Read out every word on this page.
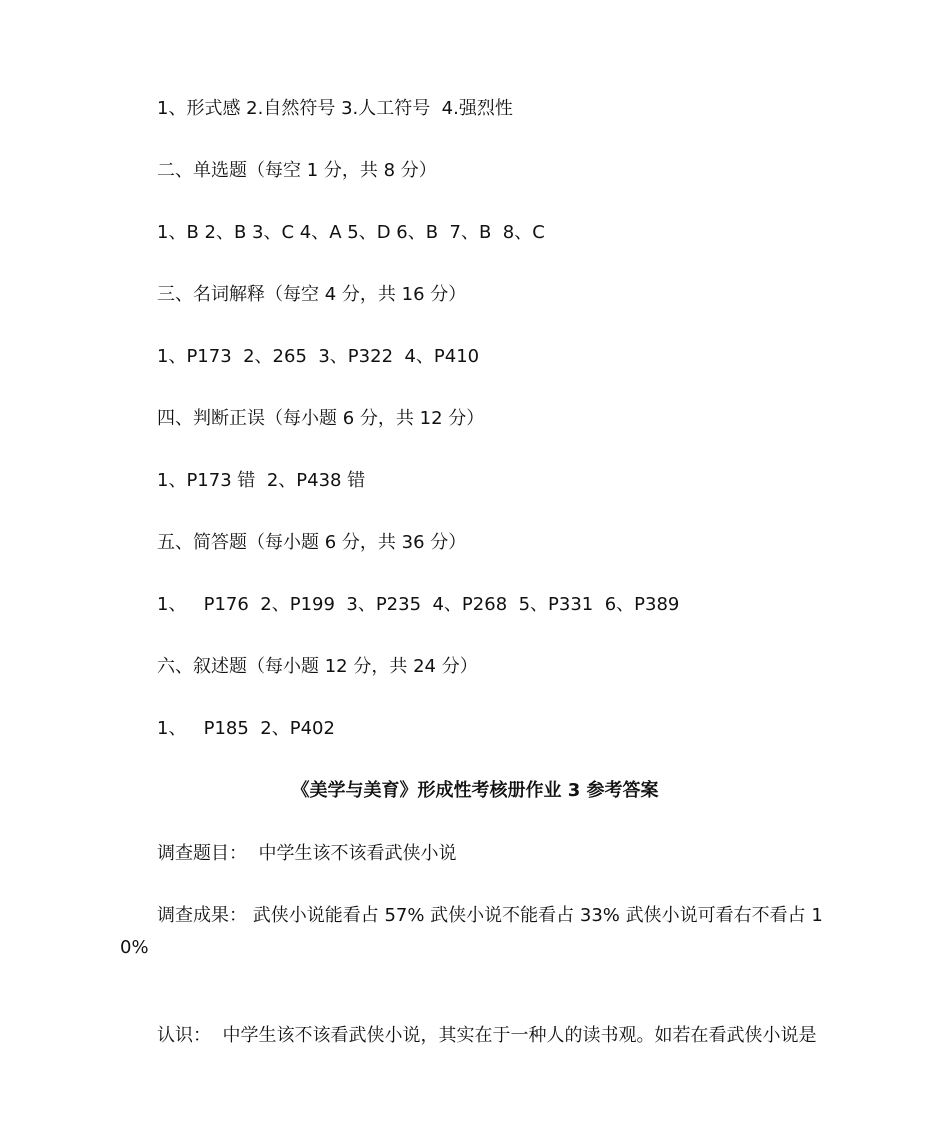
1、形式感 2.自然符号 3.人工符号  4.强烈性
二、单选题（每空 1 分，共 8 分）
1、B 2、B 3、C 4、A 5、D 6、B  7、B  8、C
三、名词解释（每空 4 分，共 16 分）
1、P173  2、265  3、P322  4、P410
四、判断正误（每小题 6 分，共 12 分）
1、P173 错  2、P438 错
五、简答题（每小题 6 分，共 36 分）
1、   P176  2、P199  3、P235  4、P268  5、P331  6、P389
六、叙述题（每小题 12 分，共 24 分）
1、   P185  2、P402
《美学与美育》形成性考核册作业 3 参考答案
调查题目：  中学生该不该看武侠小说
调查成果： 武侠小说能看占 57% 武侠小说不能看占 33% 武侠小说可看右不看占 10%
认识：  中学生该不该看武侠小说，其实在于一种人的读书观。如若在看武侠小说是
